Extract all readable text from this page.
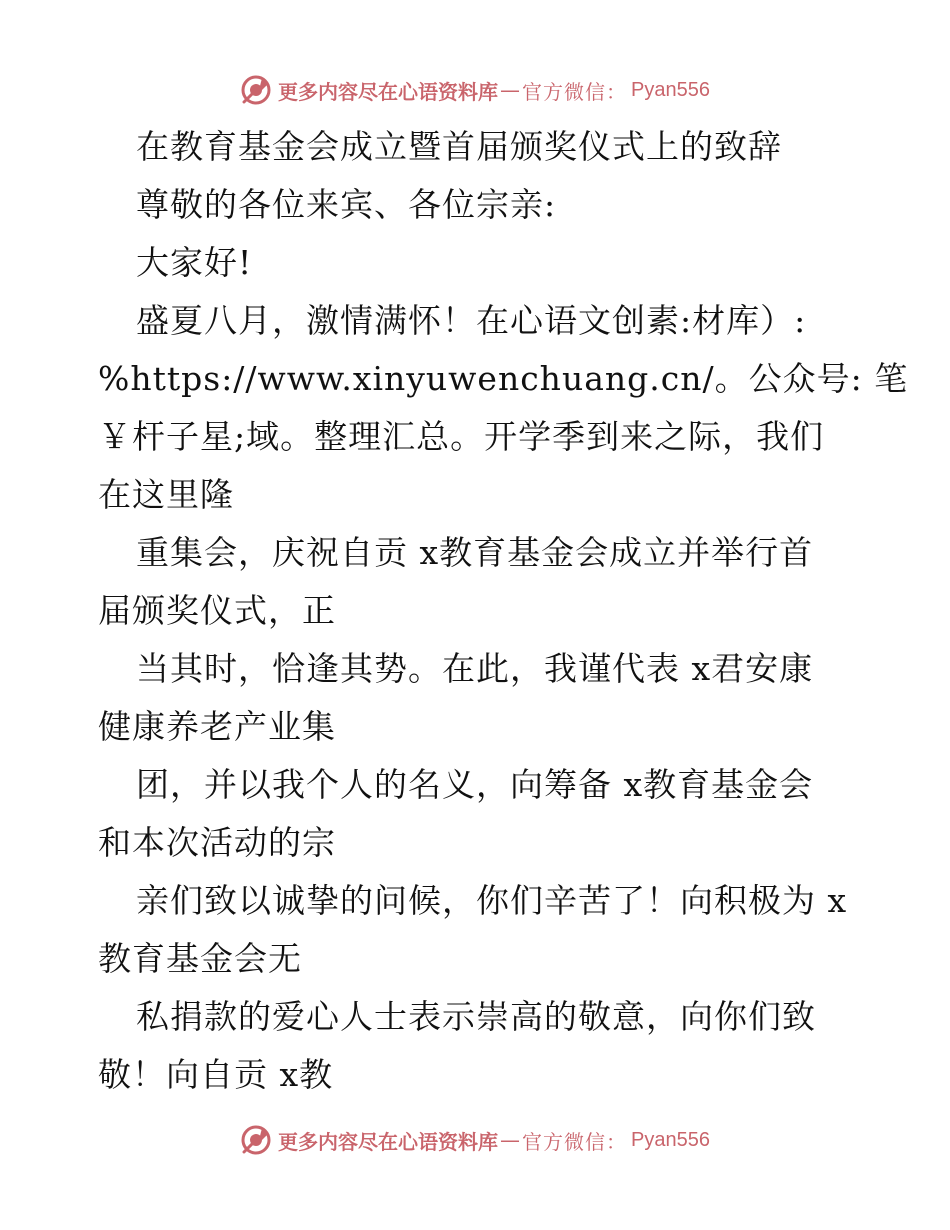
更多内容尽在心语资料库 — 官方微信： Pyan556
在教育基金会成立暨首届颁奖仪式上的致辞
尊敬的各位来宾、各位宗亲:
大家好!
盛夏八月，激情满怀！在心语文创素:材库）:
%https://www.xinyuwenchuang.cn/。公众号: 笔
￥杆子星;域。整理汇总。开学季到来之际，我们
在这里隆
重集会，庆祝自贡 x教育基金会成立并举行首
届颁奖仪式，正
当其时，恰逢其势。在此，我谨代表 x君安康
健康养老产业集
团，并以我个人的名义，向筹备 x教育基金会
和本次活动的宗
亲们致以诚挚的问候，你们辛苦了！向积极为 x
教育基金会无
私捐款的爱心人士表示崇高的敬意，向你们致
敬！向自贡 x教
更多内容尽在心语资料库 — 官方微信： Pyan556
